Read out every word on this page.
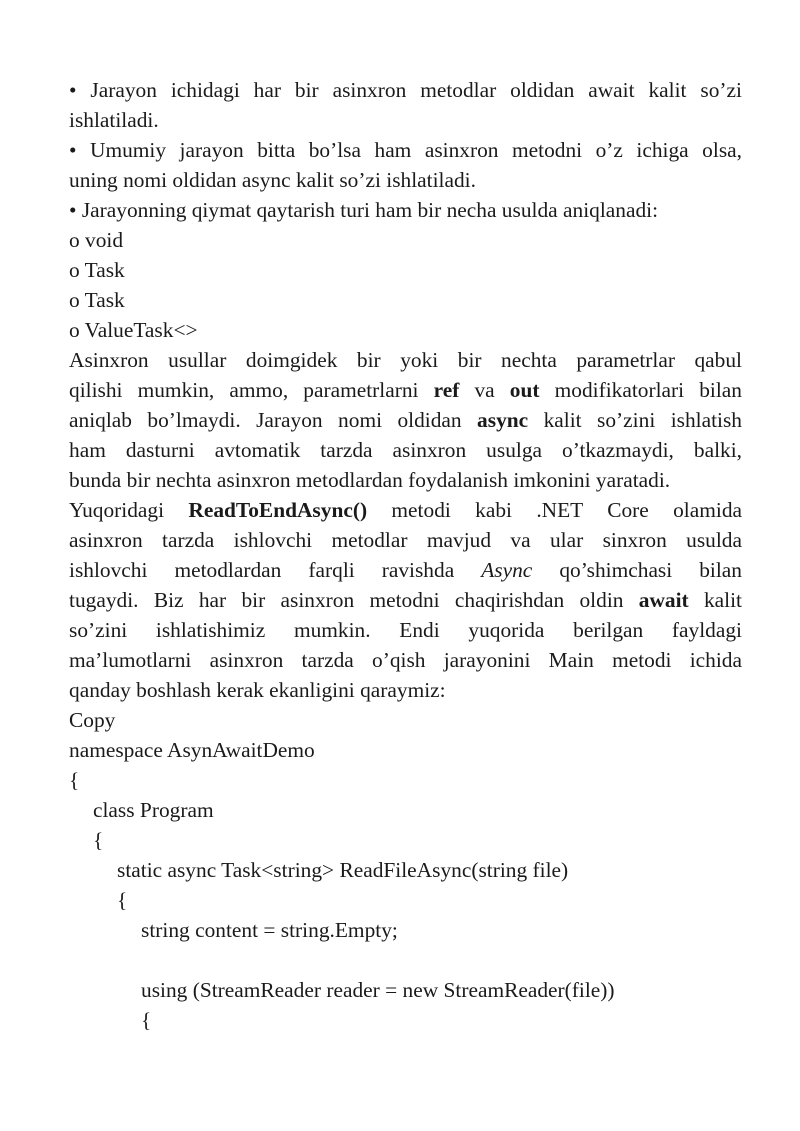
• Jarayon ichidagi har bir asinxron metodlar oldidan await kalit so’zi
ishlatiladi.
• Umumiy jarayon bitta bo’lsa ham asinxron metodni o’z ichiga olsa,
uning nomi oldidan async kalit so’zi ishlatiladi.
• Jarayonning qiymat qaytarish turi ham bir necha usulda aniqlanadi:
o void
o Task
o Task
o ValueTask<>
Asinxron usullar doimgidek bir yoki bir nechta parametrlar qabul
qilishi mumkin, ammo, parametrlarni ref va out modifikatorlari bilan
aniqlab bo’lmaydi. Jarayon nomi oldidan async kalit so’zini ishlatish
ham dasturni avtomatik tarzda asinxron usulga o’tkazmaydi, balki,
bunda bir nechta asinxron metodlardan foydalanish imkonini yaratadi.
Yuqoridagi ReadToEndAsync() metodi kabi .NET Core olamida
asinxron tarzda ishlovchi metodlar mavjud va ular sinxron usulda
ishlovchi metodlardan farqli ravishda Async qo’shimchasi bilan
tugaydi. Biz har bir asinxron metodni chaqirishdan oldin await kalit
so’zini ishlatishimiz mumkin. Endi yuqorida berilgan fayldagi
ma’lumotlarni asinxron tarzda o’qish jarayonini Main metodi ichida
qanday boshlash kerak ekanligini qaraymiz:
Copy
namespace AsynAwaitDemo
{
class Program
{
static async Task<string> ReadFileAsync(string file)
{
string content = string.Empty;
using (StreamReader reader = new StreamReader(file))
{
